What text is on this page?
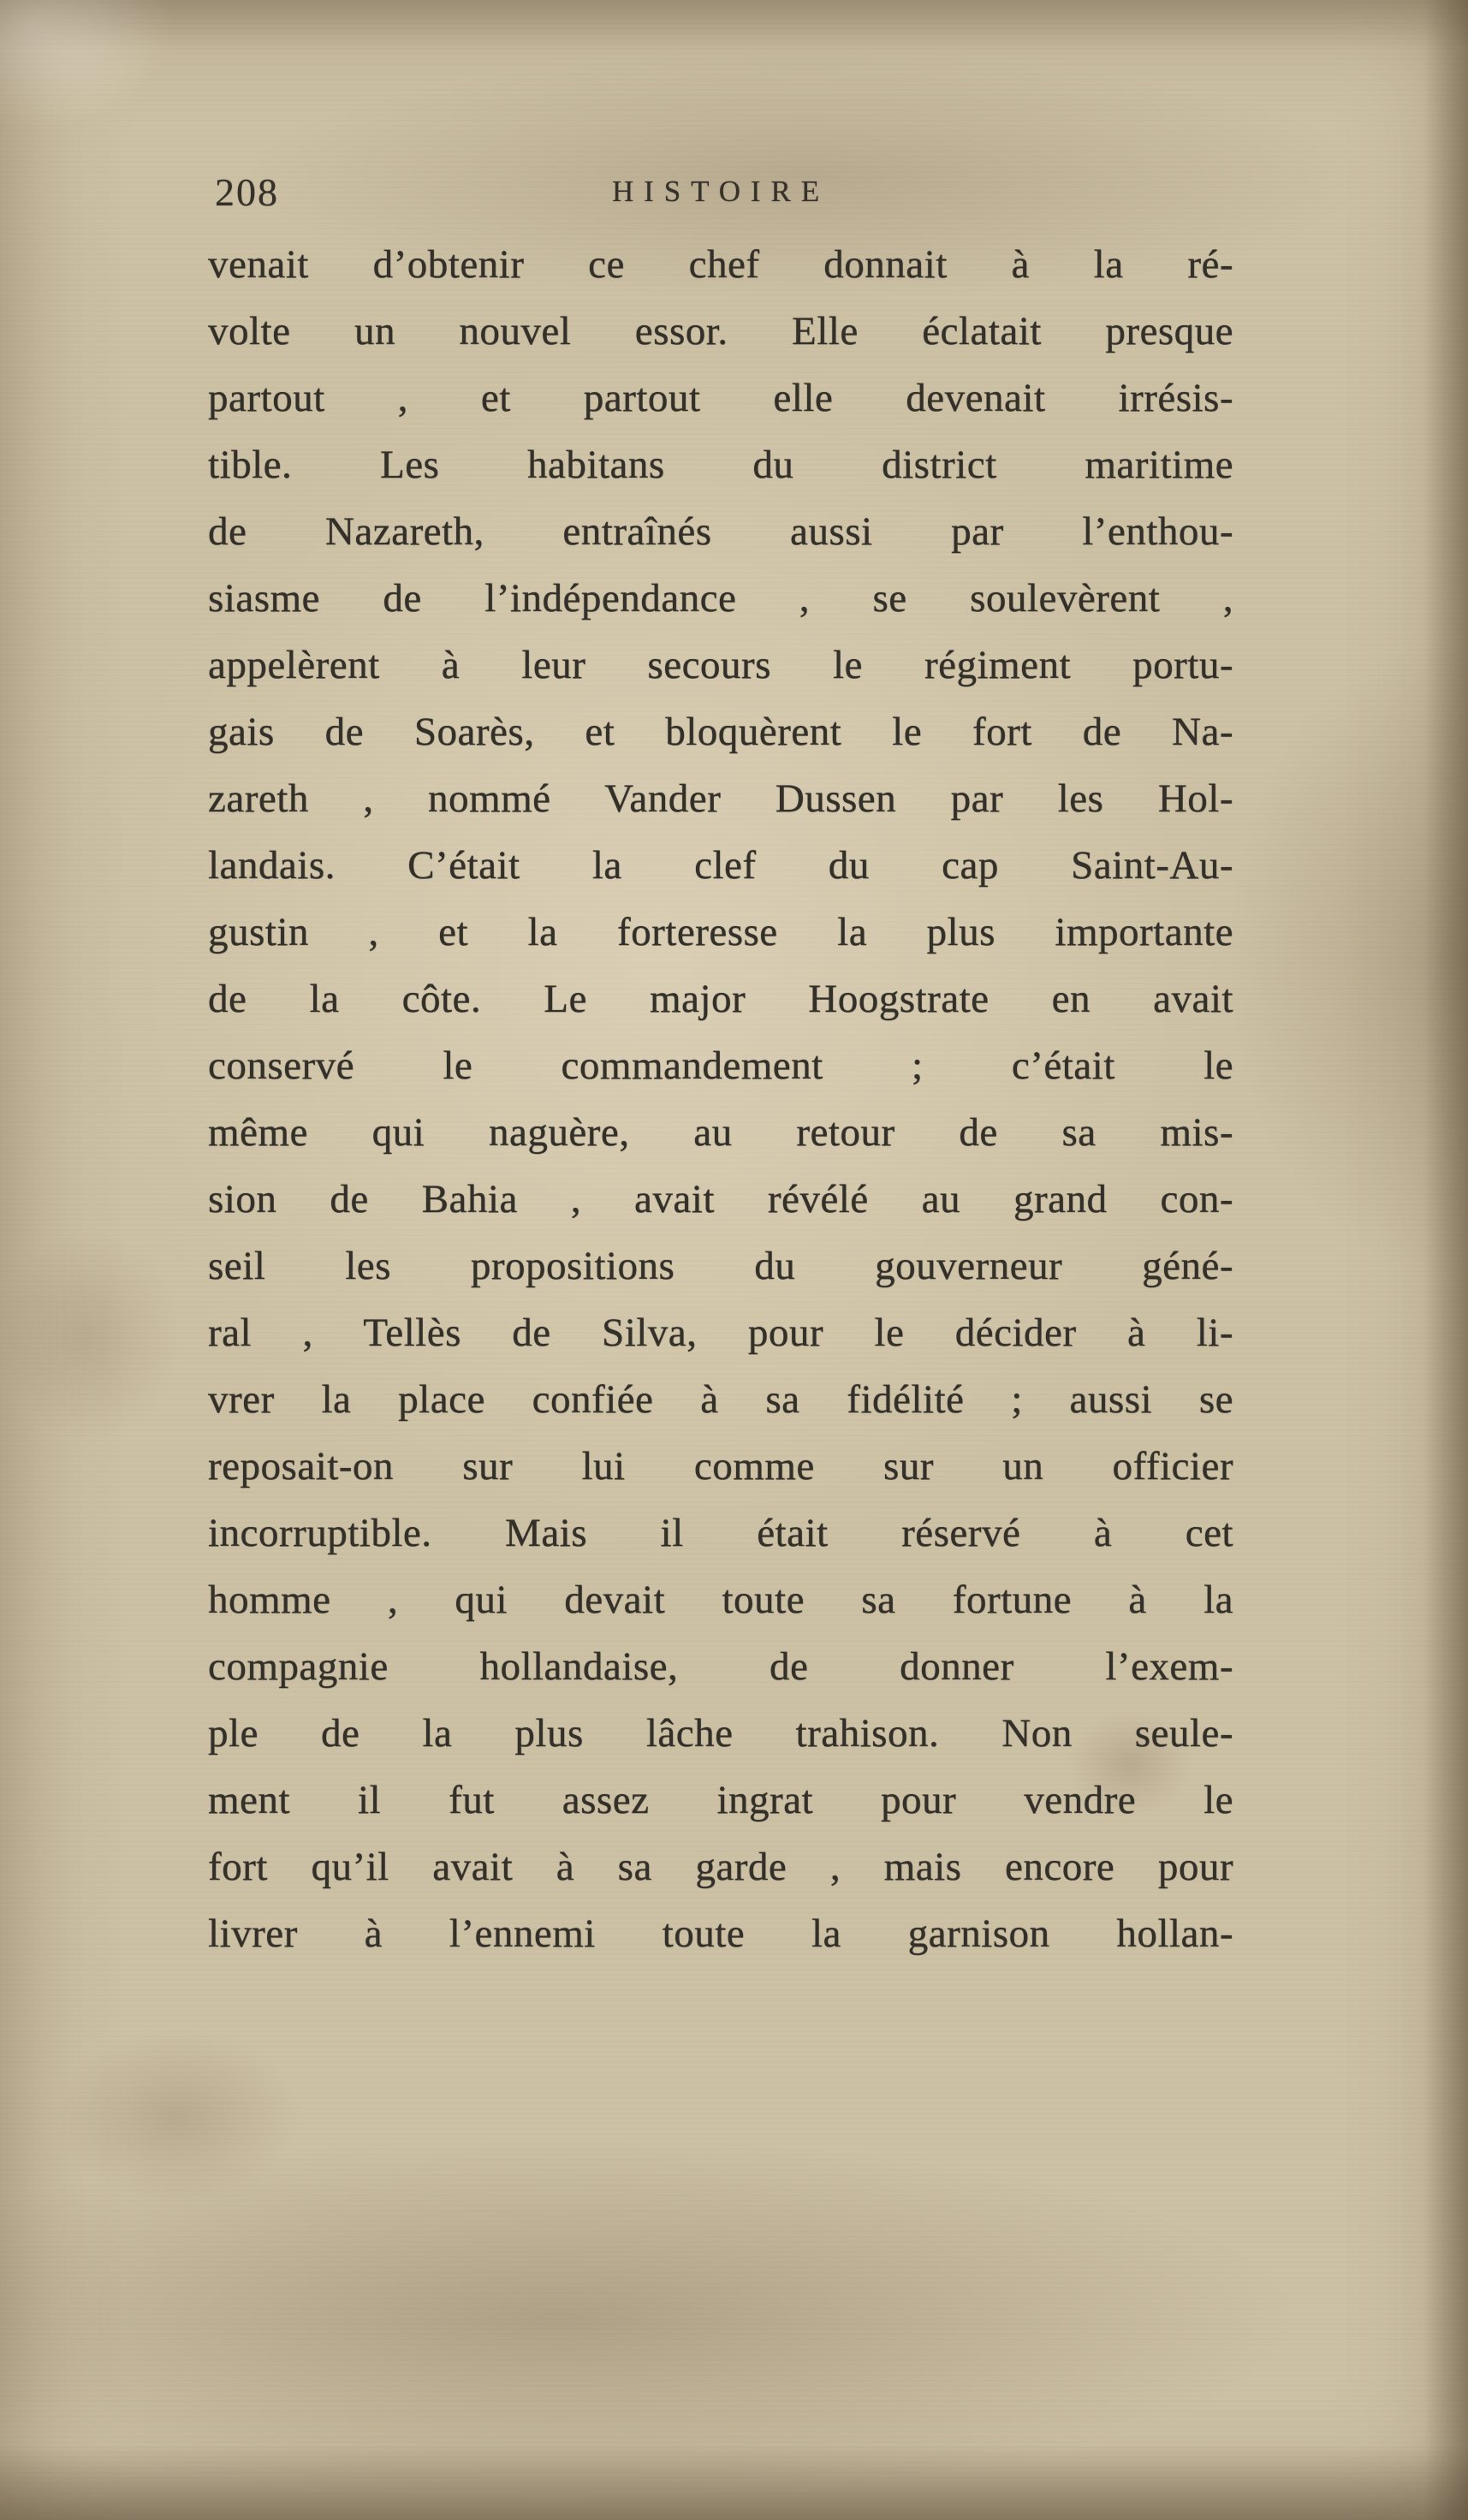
208	HISTOIRE
venait d’obtenir ce chef donnait à la ré-
volte un nouvel essor. Elle éclatait presque
partout , et partout elle devenait irrésis-
tible. Les habitans du district maritime
de Nazareth, entraînés aussi par l’enthou-
siasme de l’indépendance , se soulevèrent ,
appelèrent à leur secours le régiment portu-
gais de Soarès, et bloquèrent le fort de Na-
zareth , nommé Vander Dussen par les Hol-
landais. C’était la clef du cap Saint-Au-
gustin , et la forteresse la plus importante
de la côte. Le major Hoogstrate en avait
conservé le commandement ; c’était le
même qui naguère, au retour de sa mis-
sion de Bahia , avait révélé au grand con-
seil les propositions du gouverneur géné-
ral , Tellès de Silva, pour le décider à li-
vrer la place confiée à sa fidélité ; aussi se
reposait-on sur lui comme sur un officier
incorruptible. Mais il était réservé à cet
homme , qui devait toute sa fortune à la
compagnie hollandaise, de donner l’exem-
ple de la plus lâche trahison. Non seule-
ment il fut assez ingrat pour vendre le
fort qu’il avait à sa garde , mais encore pour
livrer à l’ennemi toute la garnison hollan-
